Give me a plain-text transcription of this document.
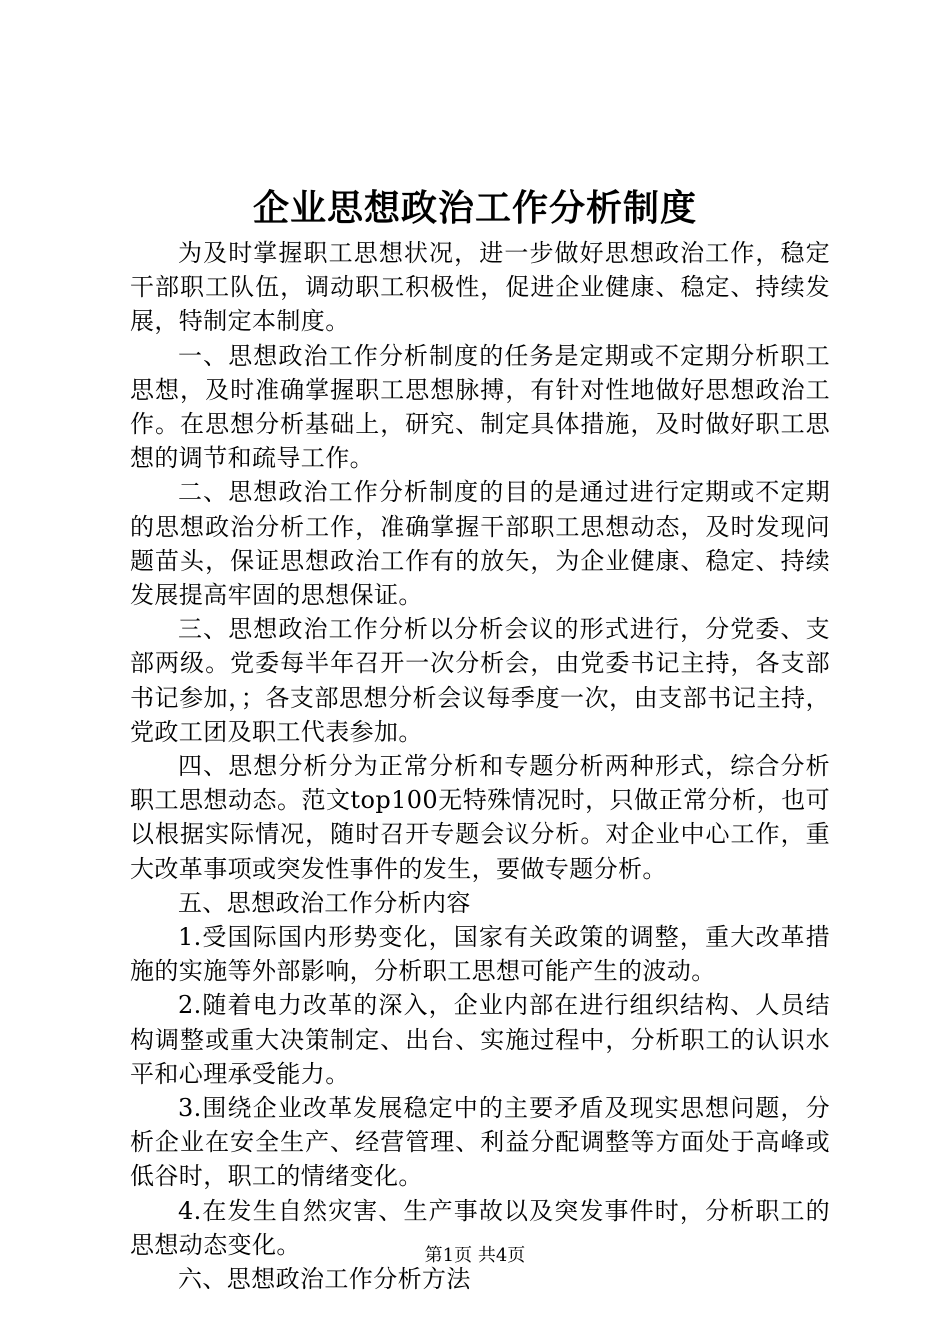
企业思想政治工作分析制度

为及时掌握职工思想状况，进一步做好思想政治工作，稳定干部职工队伍，调动职工积极性，促进企业健康、稳定、持续发展，特制定本制度。

一、思想政治工作分析制度的任务是定期或不定期分析职工思想，及时准确掌握职工思想脉搏，有针对性地做好思想政治工作。在思想分析基础上，研究、制定具体措施，及时做好职工思想的调节和疏导工作。

二、思想政治工作分析制度的目的是通过进行定期或不定期的思想政治分析工作，准确掌握干部职工思想动态，及时发现问题苗头，保证思想政治工作有的放矢，为企业健康、稳定、持续发展提高牢固的思想保证。

三、思想政治工作分析以分析会议的形式进行，分党委、支部两级。党委每半年召开一次分析会，由党委书记主持，各支部书记参加，；各支部思想分析会议每季度一次，由支部书记主持，党政工团及职工代表参加。

四、思想分析分为正常分析和专题分析两种形式，综合分析职工思想动态。范文top100无特殊情况时，只做正常分析，也可以根据实际情况，随时召开专题会议分析。对企业中心工作，重大改革事项或突发性事件的发生，要做专题分析。

五、思想政治工作分析内容

1.受国际国内形势变化，国家有关政策的调整，重大改革措施的实施等外部影响，分析职工思想可能产生的波动。

2.随着电力改革的深入，企业内部在进行组织结构、人员结构调整或重大决策制定、出台、实施过程中，分析职工的认识水平和心理承受能力。

3.围绕企业改革发展稳定中的主要矛盾及现实思想问题，分析企业在安全生产、经营管理、利益分配调整等方面处于高峰或低谷时，职工的情绪变化。

4.在发生自然灾害、生产事故以及突发事件时，分析职工的思想动态变化。

六、思想政治工作分析方法

第1页 共4页
